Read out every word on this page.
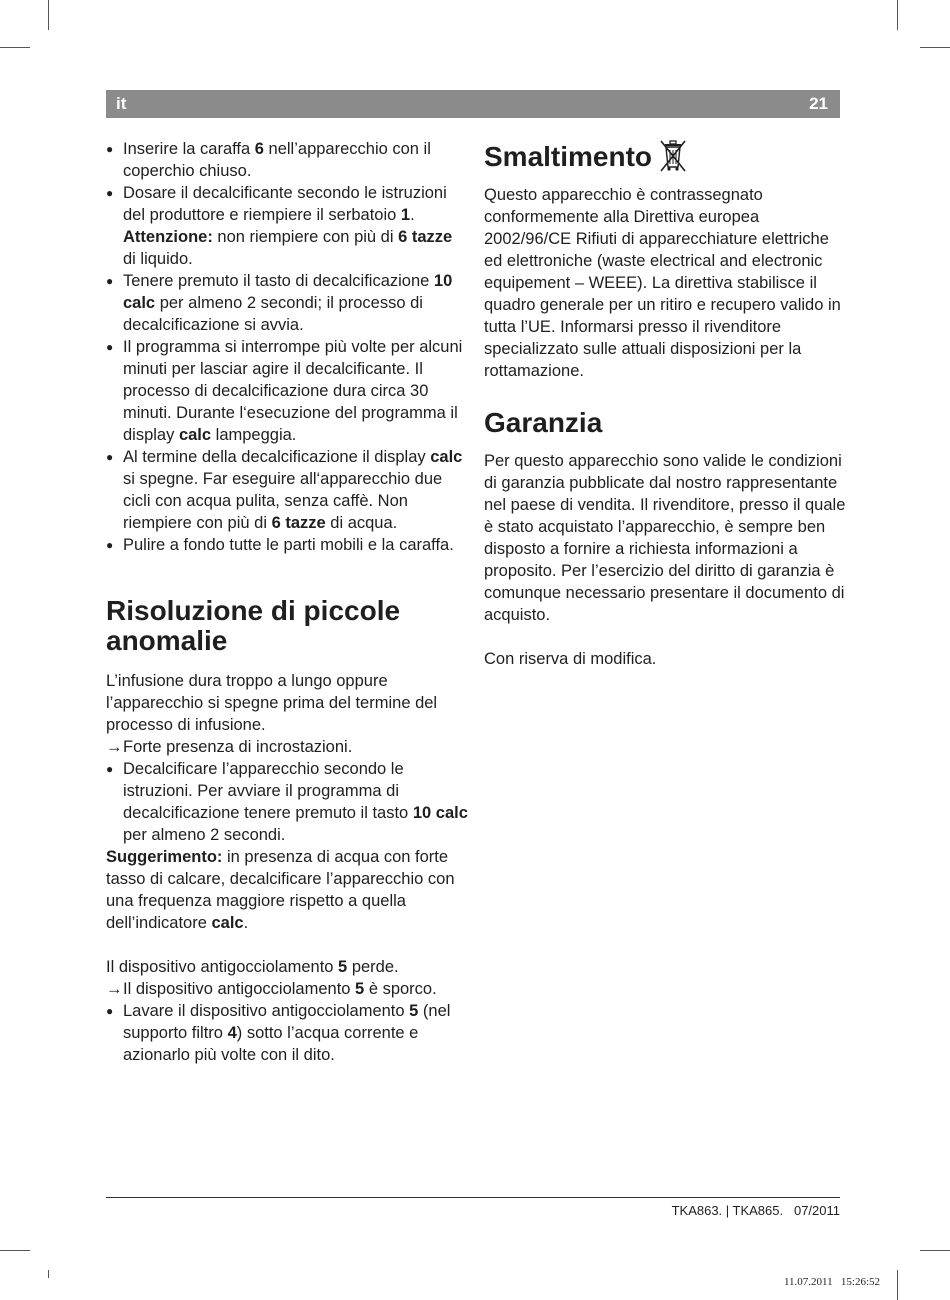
it	21
● Inserire la caraffa 6 nell’apparecchio con il coperchio chiuso.
● Dosare il decalcificante secondo le istruzioni del produttore e riempiere il serbatoio 1.
Attenzione: non riempiere con più di 6 tazze di liquido.
● Tenere premuto il tasto di decalcificazione 10 calc per almeno 2 secondi; il processo di decalcificazione si avvia.
● Il programma si interrompe più volte per alcuni minuti per lasciar agire il decalcificante. Il processo di decalcificazione dura circa 30 minuti. Durante l‘esecuzione del programma il display calc lampeggia.
● Al termine della decalcificazione il display calc si spegne. Far eseguire all‘apparecchio due cicli con acqua pulita, senza caffè. Non riempiere con più di 6 tazze di acqua.
● Pulire a fondo tutte le parti mobili e la caraffa.
Risoluzione di piccole anomalie

L’infusione dura troppo a lungo oppure l’apparecchio si spegne prima del termine del processo di infusione.

→ Forte presenza di incrostazioni.
● Decalcificare l’apparecchio secondo le istruzioni. Per avviare il programma di decalcificazione tenere premuto il tasto 10 calc per almeno 2 secondi.

Suggerimento: in presenza di acqua con forte tasso di calcare, decalcificare l’apparecchio con una frequenza maggiore rispetto a quella dell’indicatore calc.

Il dispositivo antigocciolamento 5 perde.

→ Il dispositivo antigocciolamento 5 è sporco.
● Lavare il dispositivo antigocciolamento 5 (nel supporto filtro 4) sotto l’acqua corrente e azionarlo più volte con il dito.
Smaltimento

Questo apparecchio è contrassegnato conformemente alla Direttiva europea 2002/96/CE Rifiuti di apparecchiature elettriche ed elettroniche (waste electrical and electronic equipement – WEEE). La direttiva stabilisce il quadro generale per un ritiro e recupero valido in tutta l’UE. Informarsi presso il rivenditore specializzato sulle attuali disposizioni per la rottamazione.

Garanzia

Per questo apparecchio sono valide le condizioni di garanzia pubblicate dal nostro rappresentante nel paese di vendita. Il rivenditore, presso il quale è stato acquistato l’apparecchio, è sempre ben disposto a fornire a richiesta informazioni a proposito. Per l’esercizio del diritto di garanzia è comunque necessario presentare il documento di acquisto.

Con riserva di modifica.

TKA863. | TKA865. 07/2011
11.07.2011   15:26:52
